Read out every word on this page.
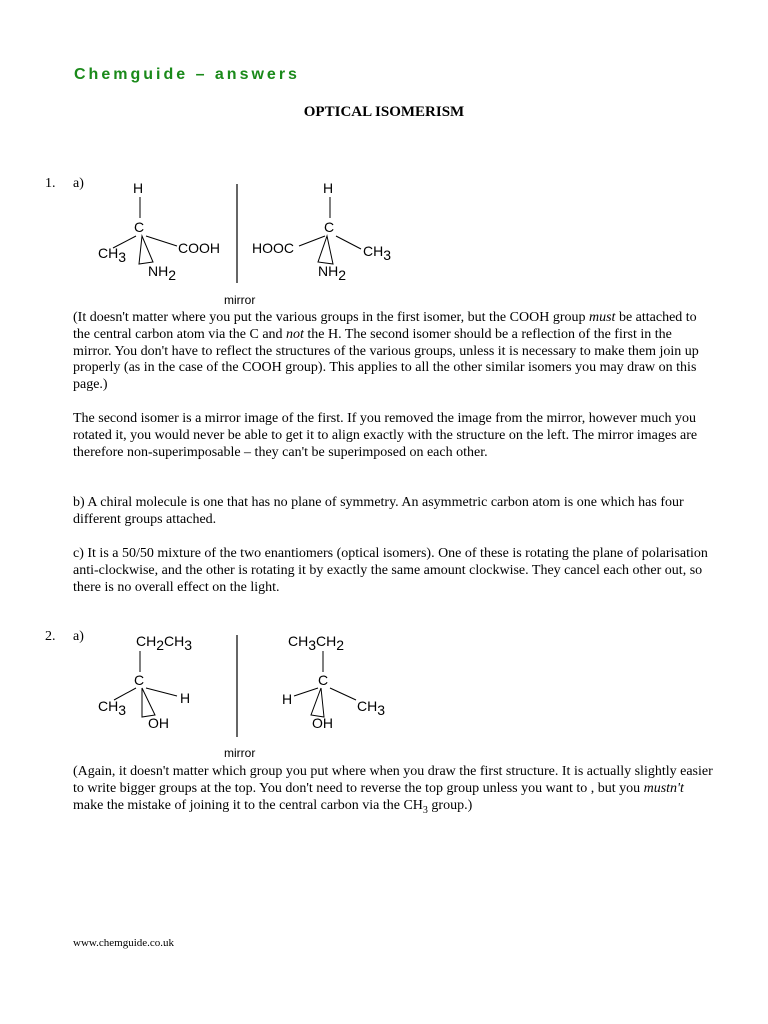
Chemguide – answers
OPTICAL ISOMERISM
1. a)	H
C
CH3
COOH
NH2
mirror
H
C
HOOC	CH3
NH2

(It doesn't matter where you put the various groups in the first isomer, but the COOH group must be attached to the central carbon atom via the C and not the H. The second isomer should be a reflection of the first in the mirror. You don't have to reflect the structures of the various groups, unless it is necessary to make them join up properly (as in the case of the COOH group). This applies to all the other similar isomers you may draw on this page.)

The second isomer is a mirror image of the first. If you removed the image from the mirror, however much you rotated it, you would never be able to get it to align exactly with the structure on the left. The mirror images are therefore non-superimposable – they can't be superimposed on each other.
b) A chiral molecule is one that has no plane of symmetry. An asymmetric carbon atom is one which has four different groups attached.
c) It is a 50/50 mixture of the two enantiomers (optical isomers). One of these is rotating the plane of polarisation anti-clockwise, and the other is rotating it by exactly the same amount clockwise. They cancel each other out, so there is no overall effect on the light.
2. a)	CH2CH3
C
CH3
H
OH
mirror
CH3CH2
C
H	CH3
OH

(Again, it doesn't matter which group you put where when you draw the first structure. It is actually slightly easier to write bigger groups at the top. You don't need to reverse the top group unless you want to , but you mustn't make the mistake of joining it to the central carbon via the $CH_3$ group.)

www.chemguide.co.uk
